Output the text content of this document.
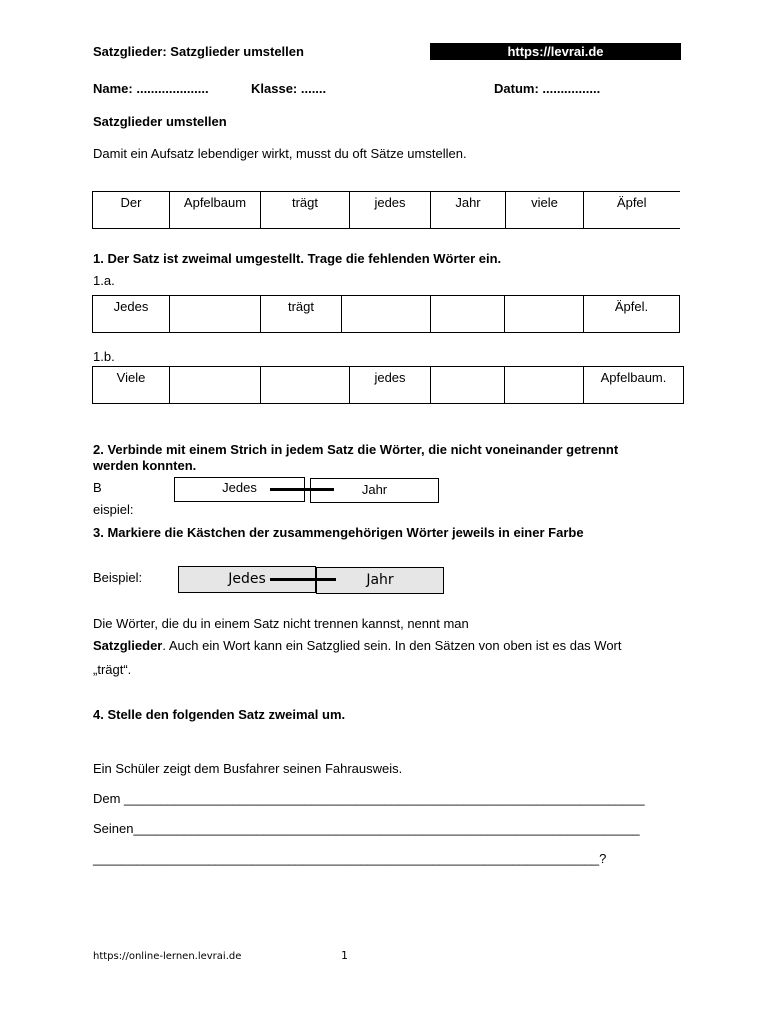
Satzglieder: Satzglieder umstellen	https://levrai.de
Name: ....................	Klasse: .......	Datum: ................
Satzglieder umstellen
Damit ein Aufsatz lebendiger wirkt, musst du oft Sätze umstellen.
Der	Apfelbaum	trägt	jedes	Jahr	viele	Äpfel
1. Der Satz ist zweimal umgestellt. Trage die fehlenden Wörter ein.
1.a.
Jedes		trägt				Äpfel.
1.b.
Viele			jedes			Apfelbaum.
2. Verbinde mit einem Strich in jedem Satz die Wörter, die nicht voneinander getrennt
werden konnten.
B
eispiel:
Jedes	Jahr
3. Markiere die Kästchen der zusammengehörigen Wörter jeweils in einer Farbe
Beispiel:	Jedes	Jahr
Die Wörter, die du in einem Satz nicht trennen kannst, nennt man
Satzglieder. Auch ein Wort kann ein Satzglied sein. In den Sätzen von oben ist es das Wort
„trägt“.
4. Stelle den folgenden Satz zweimal um.
Ein Schüler zeigt dem Busfahrer seinen Fahrausweis.
Dem ________________________________________________________________________
Seinen______________________________________________________________________
______________________________________________________________________?
https://online-lernen.levrai.de	1
